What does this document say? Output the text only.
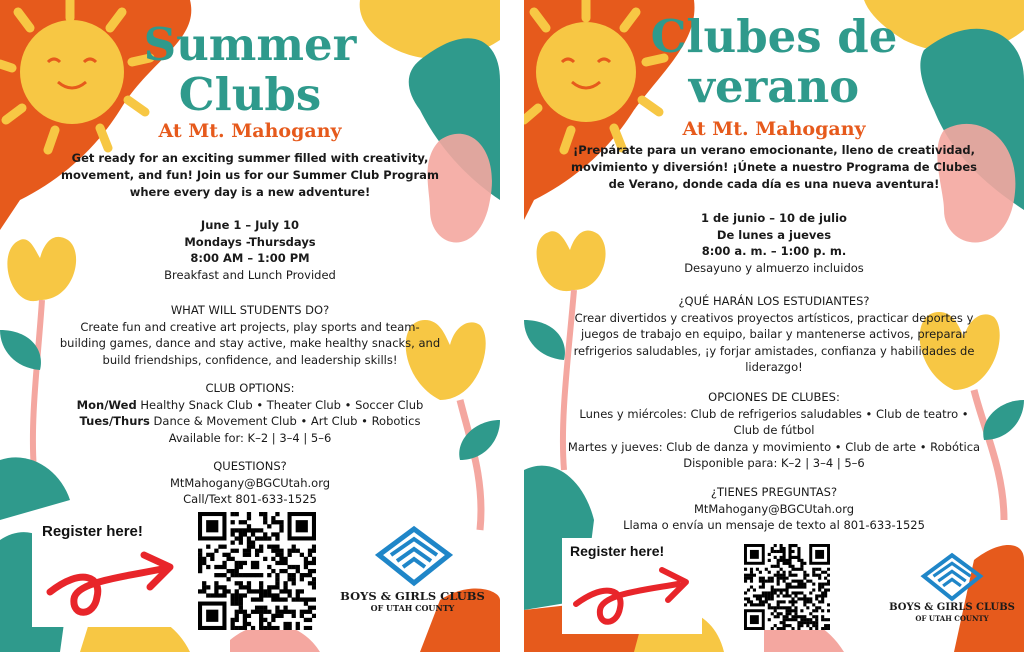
Summer
Clubs
At Mt. Mahogany
Get ready for an exciting summer filled with creativity,
movement, and fun! Join us for our Summer Club Program
where every day is a new adventure!
June 1 – July 10
Mondays -Thursdays
8:00 AM – 1:00 PM
Breakfast and Lunch Provided
WHAT WILL STUDENTS DO?
Create fun and creative art projects, play sports and team-
building games, dance and stay active, make healthy snacks, and
build friendships, confidence, and leadership skills!
CLUB OPTIONS:
Mon/Wed Healthy Snack Club • Theater Club • Soccer Club
Tues/Thurs Dance & Movement Club • Art Club • Robotics
Available for: K–2 | 3–4 | 5–6
QUESTIONS?
MtMahogany@BGCUtah.org
Call/Text 801-633-1525
Register here!
BOYS & GIRLS CLUBS
OF UTAH COUNTY
Clubes de
verano
At Mt. Mahogany
¡Prepárate para un verano emocionante, lleno de creatividad,
movimiento y diversión! ¡Únete a nuestro Programa de Clubes
de Verano, donde cada día es una nueva aventura!
1 de junio – 10 de julio
De lunes a jueves
8:00 a. m. – 1:00 p. m.
Desayuno y almuerzo incluidos
¿QUÉ HARÁN LOS ESTUDIANTES?
Crear divertidos y creativos proyectos artísticos, practicar deportes y
juegos de trabajo en equipo, bailar y mantenerse activos, preparar
refrigerios saludables, ¡y forjar amistades, confianza y habilidades de
liderazgo!
OPCIONES DE CLUBES:
Lunes y miércoles: Club de refrigerios saludables • Club de teatro •
Club de fútbol
Martes y jueves: Club de danza y movimiento • Club de arte • Robótica
Disponible para: K–2 | 3–4 | 5–6
¿TIENES PREGUNTAS?
MtMahogany@BGCUtah.org
Llama o envía un mensaje de texto al 801-633-1525
Register here!
BOYS & GIRLS CLUBS
OF UTAH COUNTY
